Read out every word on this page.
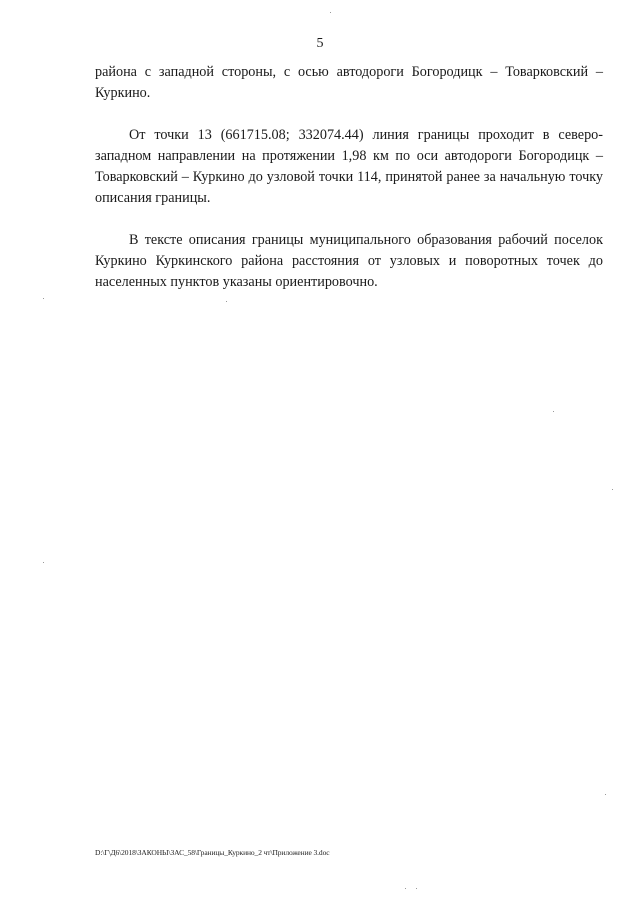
5

района с западной стороны, с осью автодороги Богородицк – Товарковский – Куркино.

От точки 13 (661715.08; 332074.44) линия границы проходит в северо-западном направлении на протяжении 1,98 км по оси автодороги Богородицк – Товарковский – Куркино до узловой точки 114, принятой ранее за начальную точку описания границы.

В тексте описания границы муниципального образования рабочий поселок Куркино Куркинского района расстояния от узловых и поворотных точек до населенных пунктов указаны ориентировочно.

D:\Г\Д6\2018\ЗАКОНЫ\ЗАС_58\Границы_Куркино_2 чт\Приложение 3.doc
